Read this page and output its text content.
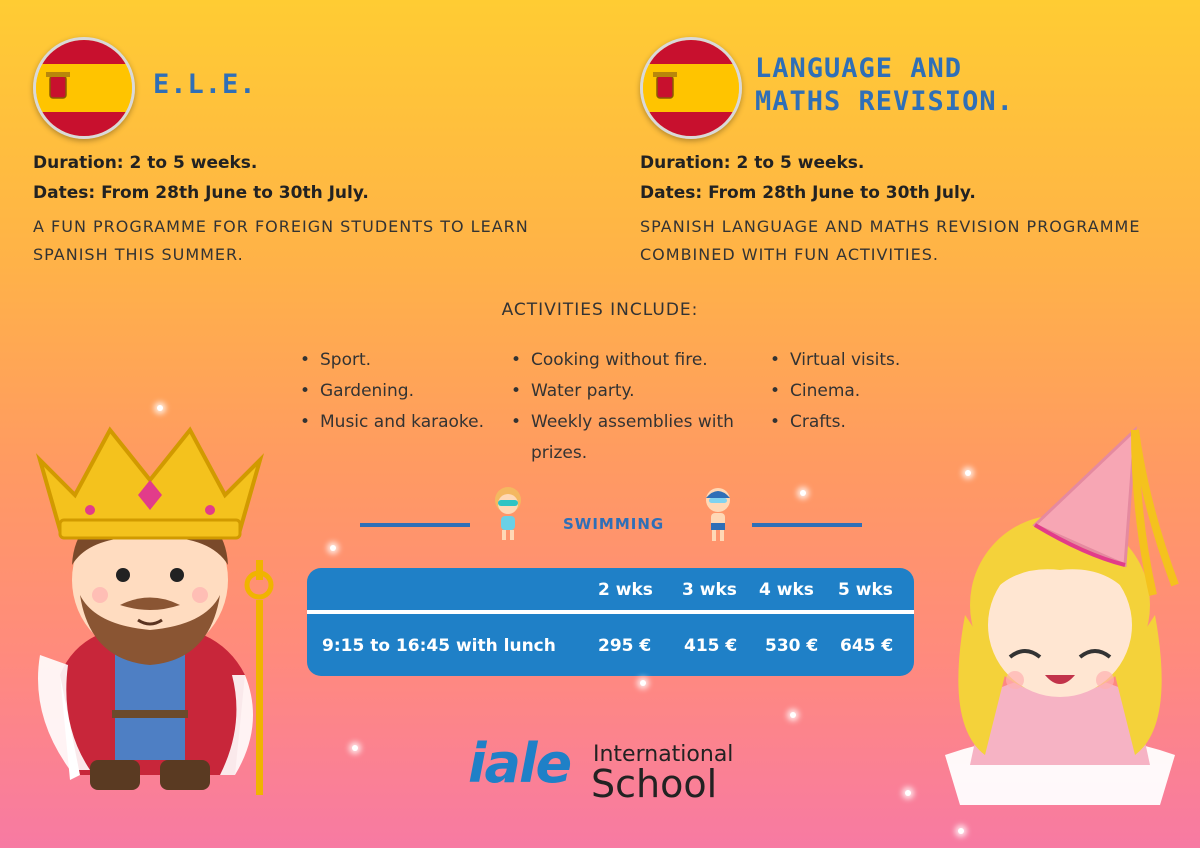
E.L.E.
Duration: 2 to 5 weeks.
Dates: From 28th June to 30th July.
A FUN PROGRAMME FOR FOREIGN STUDENTS TO LEARN
SPANISH THIS SUMMER.
LANGUAGE AND
MATHS REVISION.
Duration: 2 to 5 weeks.
Dates: From 28th June to 30th July.
SPANISH LANGUAGE AND MATHS REVISION PROGRAMME
COMBINED WITH FUN ACTIVITIES.
ACTIVITIES INCLUDE:
• Sport.
• Gardening.
• Music and karaoke.
• Cooking without fire.
• Water party.
• Weekly assemblies with
prizes.
• Virtual visits.
• Cinema.
• Crafts.
SWIMMING
2 wks 3 wks 4 wks 5 wks
9:15 to 16:45 with lunch 295 € 415 € 530 € 645 €
iale International
School
